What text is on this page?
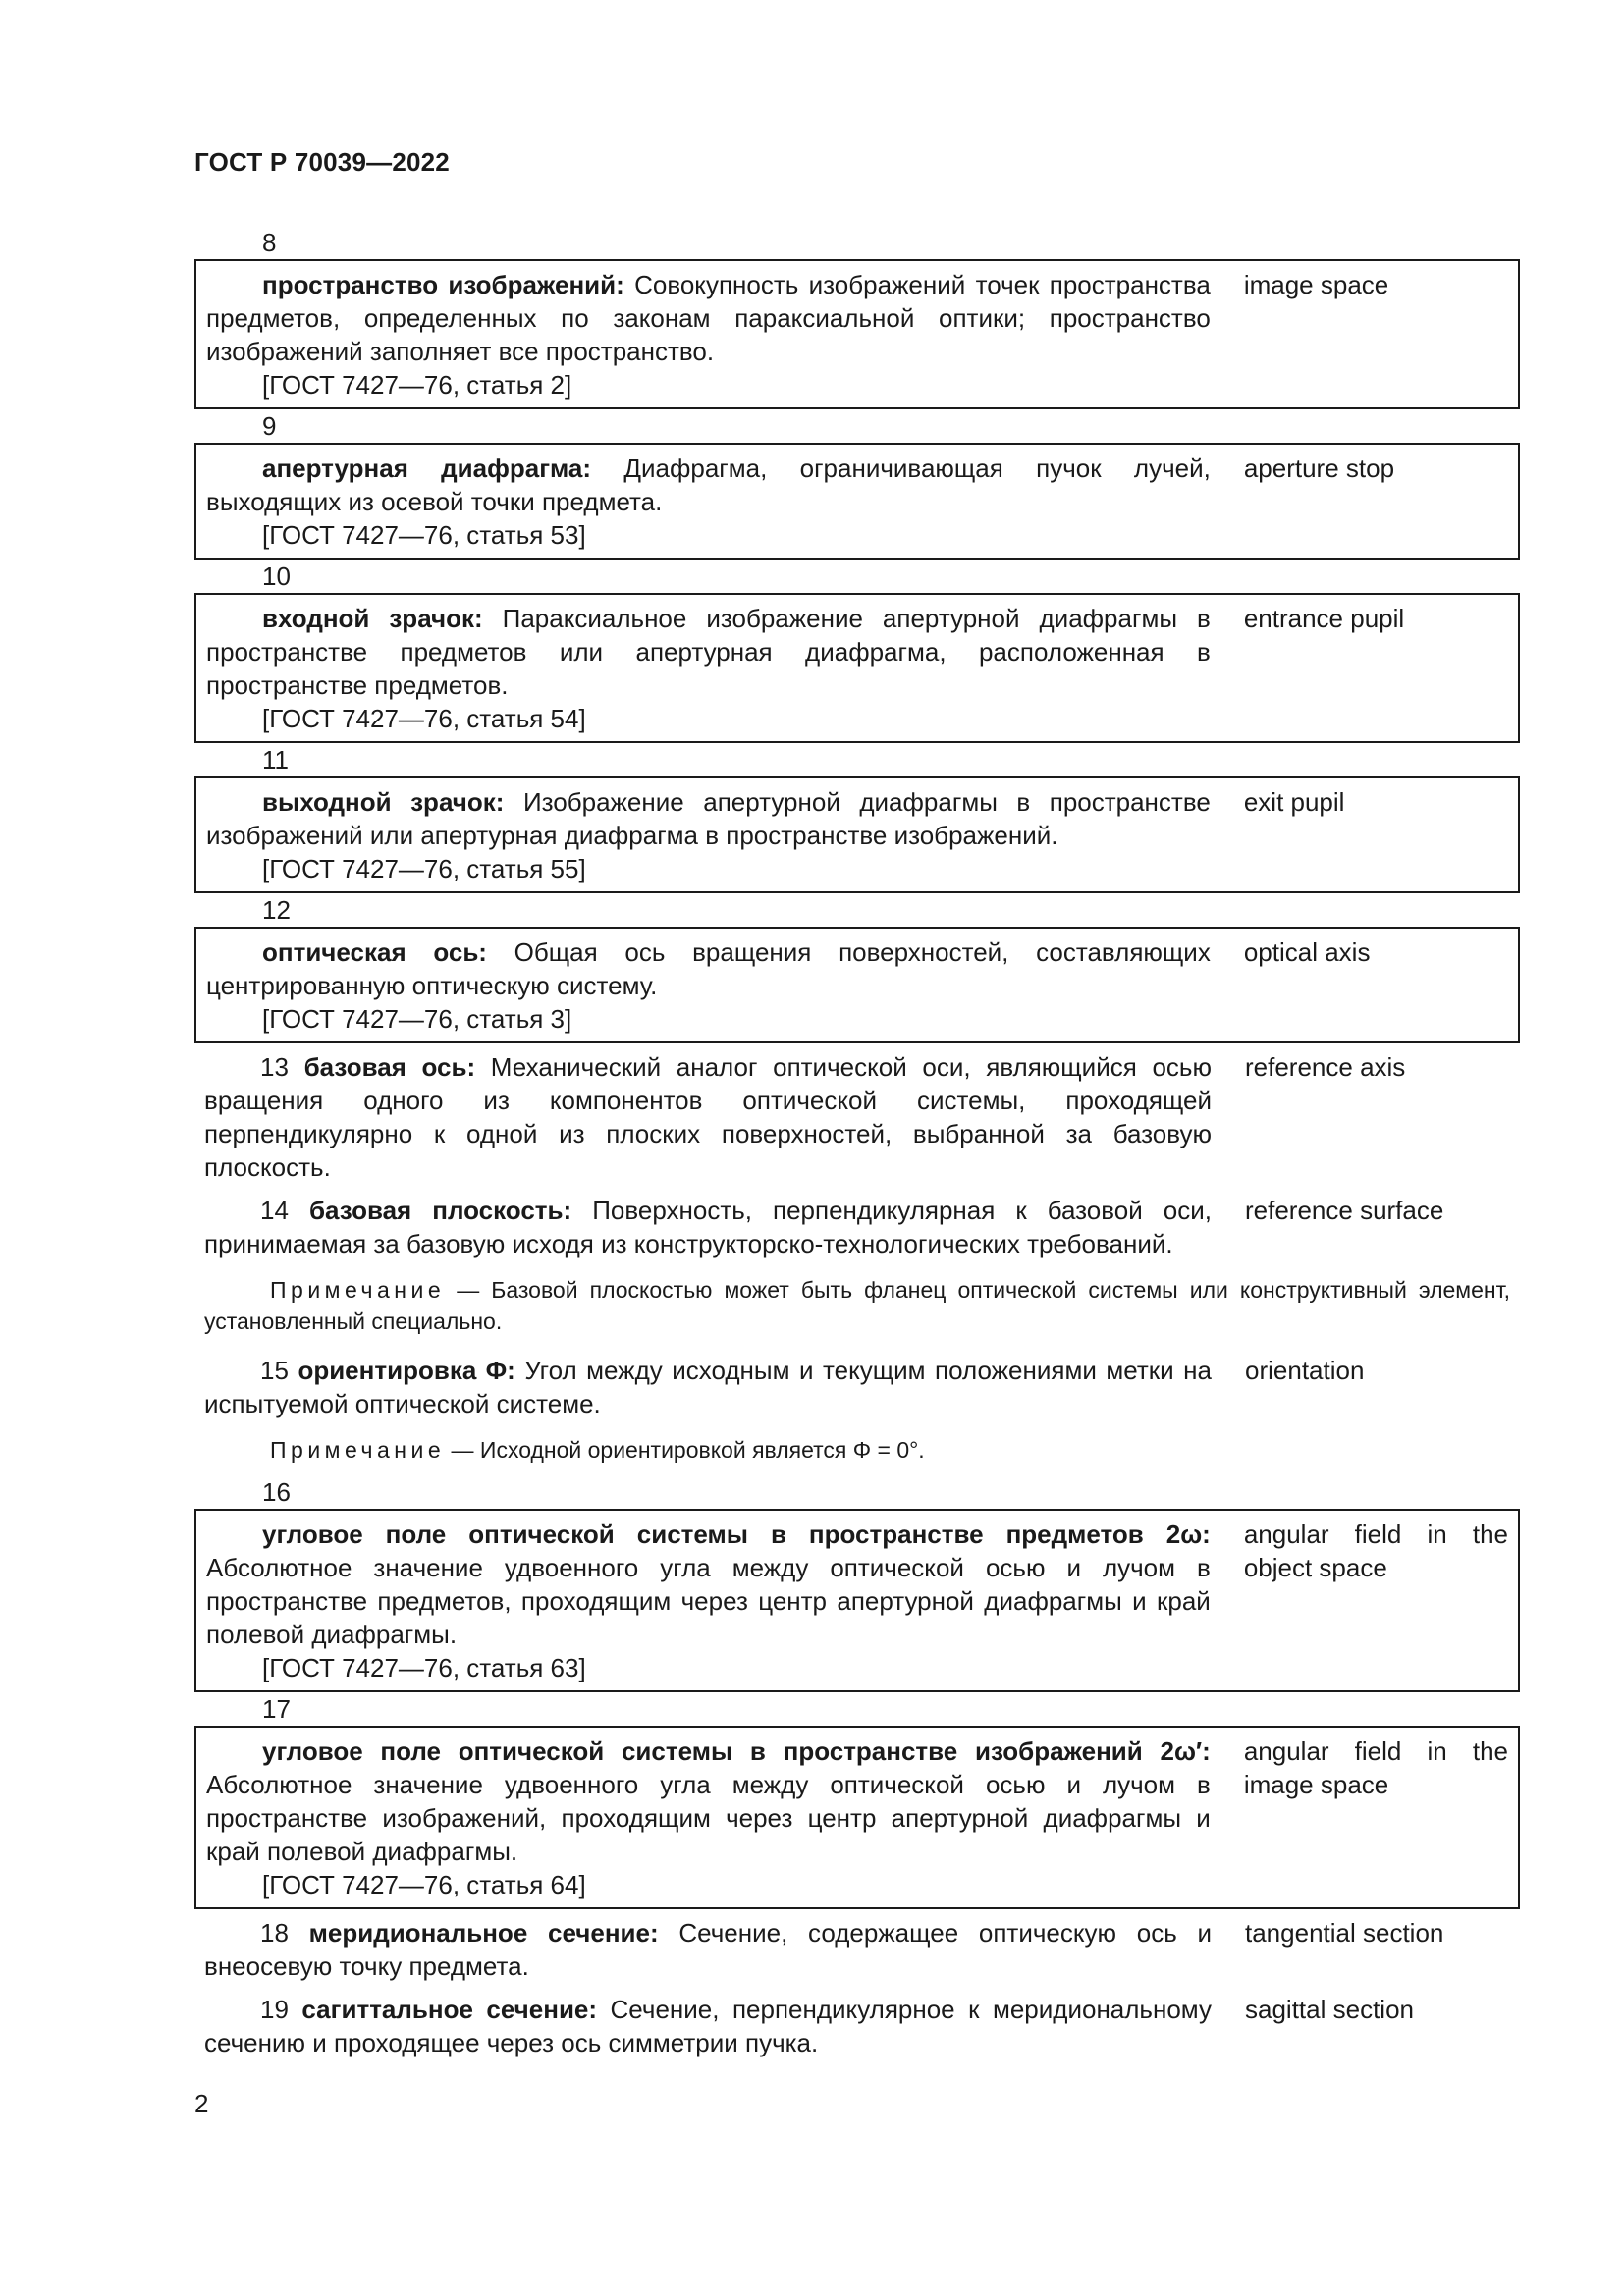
ГОСТ Р 70039—2022
8
пространство изображений: Совокупность изображений точек пространства предметов, определенных по законам параксиальной оптики; пространство изображений заполняет все пространство.
[ГОСТ 7427—76, статья 2]
image space
9
апертурная диафрагма: Диафрагма, ограничивающая пучок лучей, выходящих из осевой точки предмета.
[ГОСТ 7427—76, статья 53]
aperture stop
10
входной зрачок: Параксиальное изображение апертурной диафрагмы в пространстве предметов или апертурная диафрагма, расположенная в пространстве предметов.
[ГОСТ 7427—76, статья 54]
entrance pupil
11
выходной зрачок: Изображение апертурной диафрагмы в пространстве изображений или апертурная диафрагма в пространстве изображений.
[ГОСТ 7427—76, статья 55]
exit pupil
12
оптическая ось: Общая ось вращения поверхностей, составляющих центрированную оптическую систему.
[ГОСТ 7427—76, статья 3]
optical axis
13 базовая ось: Механический аналог оптической оси, являющийся осью вращения одного из компонентов оптической системы, проходящей перпендикулярно к одной из плоских поверхностей, выбранной за базовую плоскость.
reference axis
14 базовая плоскость: Поверхность, перпендикулярная к базовой оси, принимаемая за базовую исходя из конструкторско-технологических требований.
reference surface
Примечание — Базовой плоскостью может быть фланец оптической системы или конструктивный элемент, установленный специально.
15 ориентировка Φ: Угол между исходным и текущим положениями метки на испытуемой оптической системе.
orientation
Примечание — Исходной ориентировкой является Φ = 0°.
16
угловое поле оптической системы в пространстве предметов 2ω: Абсолютное значение удвоенного угла между оптической осью и лучом в пространстве предметов, проходящим через центр апертурной диафрагмы и край полевой диафрагмы.
[ГОСТ 7427—76, статья 63]
angular field in the object space
17
угловое поле оптической системы в пространстве изображений 2ω′: Абсолютное значение удвоенного угла между оптической осью и лучом в пространстве изображений, проходящим через центр апертурной диафрагмы и край полевой диафрагмы.
[ГОСТ 7427—76, статья 64]
angular field in the image space
18 меридиональное сечение: Сечение, содержащее оптическую ось и внеосевую точку предмета.
tangential section
19 сагиттальное сечение: Сечение, перпендикулярное к меридиональному сечению и проходящее через ось симметрии пучка.
sagittal section
2
